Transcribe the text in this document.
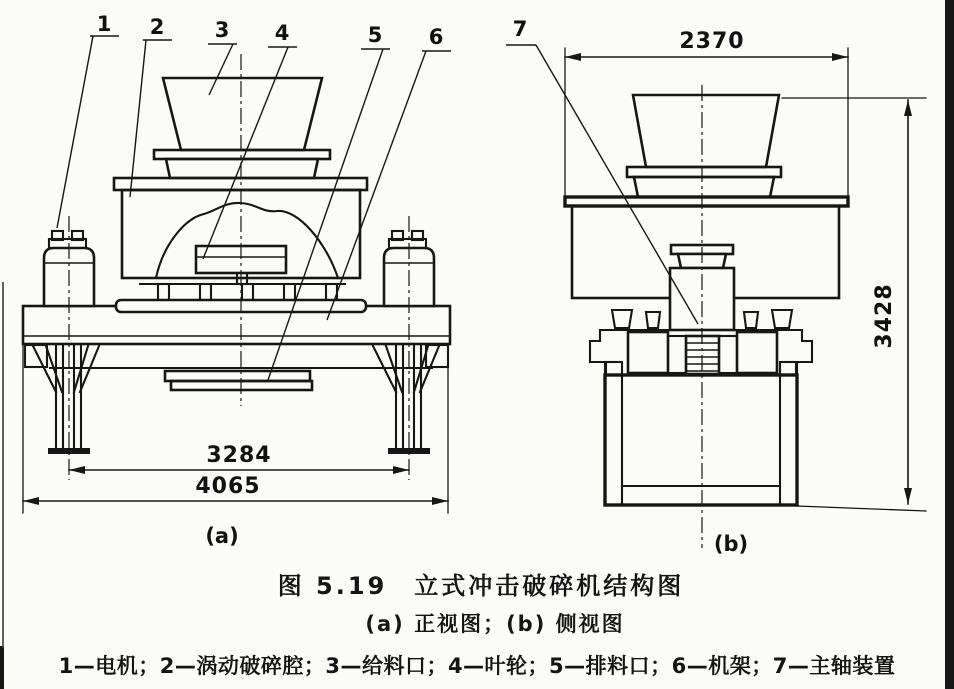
3284
4065
(a)
2370
3428
(b)
1 2 3 4	5 6	7
图 5.19　立式冲击破碎机结构图
(a) 正视图；(b) 侧视图
1—电机；2—涡动破碎腔；3—给料口；4—叶轮；5—排料口；6—机架；7—主轴装置
